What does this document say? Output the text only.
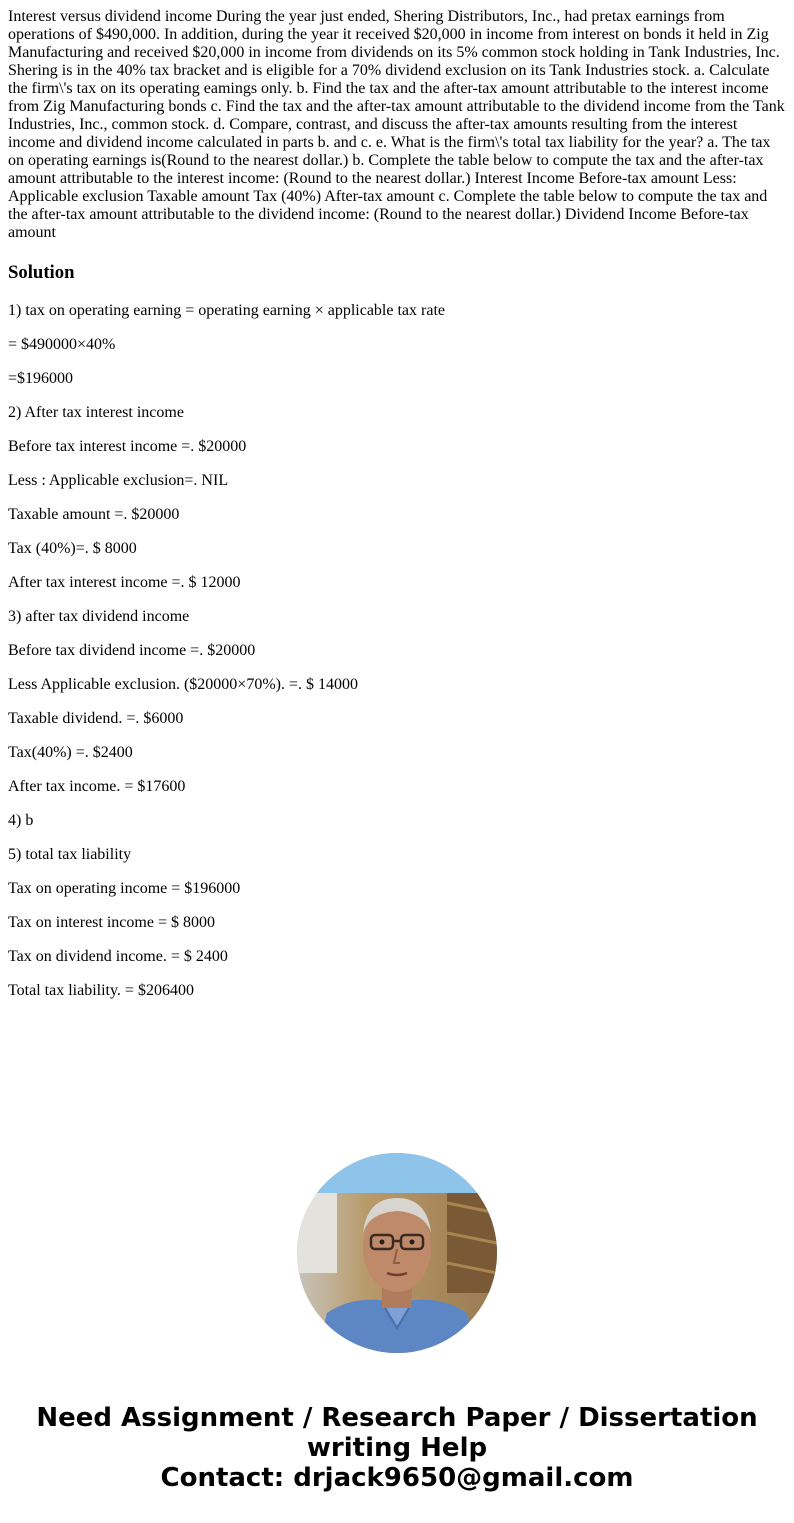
Interest versus dividend income During the year just ended, Shering Distributors, Inc., had pretax earnings from operations of $490,000. In addition, during the year it received $20,000 in income from interest on bonds it held in Zig Manufacturing and received $20,000 in income from dividends on its 5% common stock holding in Tank Industries, Inc. Shering is in the 40% tax bracket and is eligible for a 70% dividend exclusion on its Tank Industries stock. a. Calculate the firm\'s tax on its operating eamings only. b. Find the tax and the after-tax amount attributable to the interest income from Zig Manufacturing bonds c. Find the tax and the after-tax amount attributable to the dividend income from the Tank Industries, Inc., common stock. d. Compare, contrast, and discuss the after-tax amounts resulting from the interest income and dividend income calculated in parts b. and c. e. What is the firm\'s total tax liability for the year? a. The tax on operating earnings is(Round to the nearest dollar.) b. Complete the table below to compute the tax and the after-tax amount attributable to the interest income: (Round to the nearest dollar.) Interest Income Before-tax amount Less: Applicable exclusion Taxable amount Tax (40%) After-tax amount c. Complete the table below to compute the tax and the after-tax amount attributable to the dividend income: (Round to the nearest dollar.) Dividend Income Before-tax amount

Solution

1) tax on operating earning = operating earning × applicable tax rate

= $490000×40%

=$196000

2) After tax interest income

Before tax interest income =. $20000

Less : Applicable exclusion=. NIL

Taxable amount =. $20000

Tax (40%)=. $ 8000

After tax interest income =. $ 12000

3) after tax dividend income

Before tax dividend income =. $20000

Less Applicable exclusion. ($20000×70%). =. $ 14000

Taxable dividend. =. $6000

Tax(40%) =. $2400

After tax income. = $17600

4) b

5) total tax liability

Tax on operating income = $196000

Tax on interest income = $ 8000

Tax on dividend income. = $ 2400

Total tax liability. = $206400

Need Assignment / Research Paper / Dissertation
writing Help
Contact: drjack9650@gmail.com
